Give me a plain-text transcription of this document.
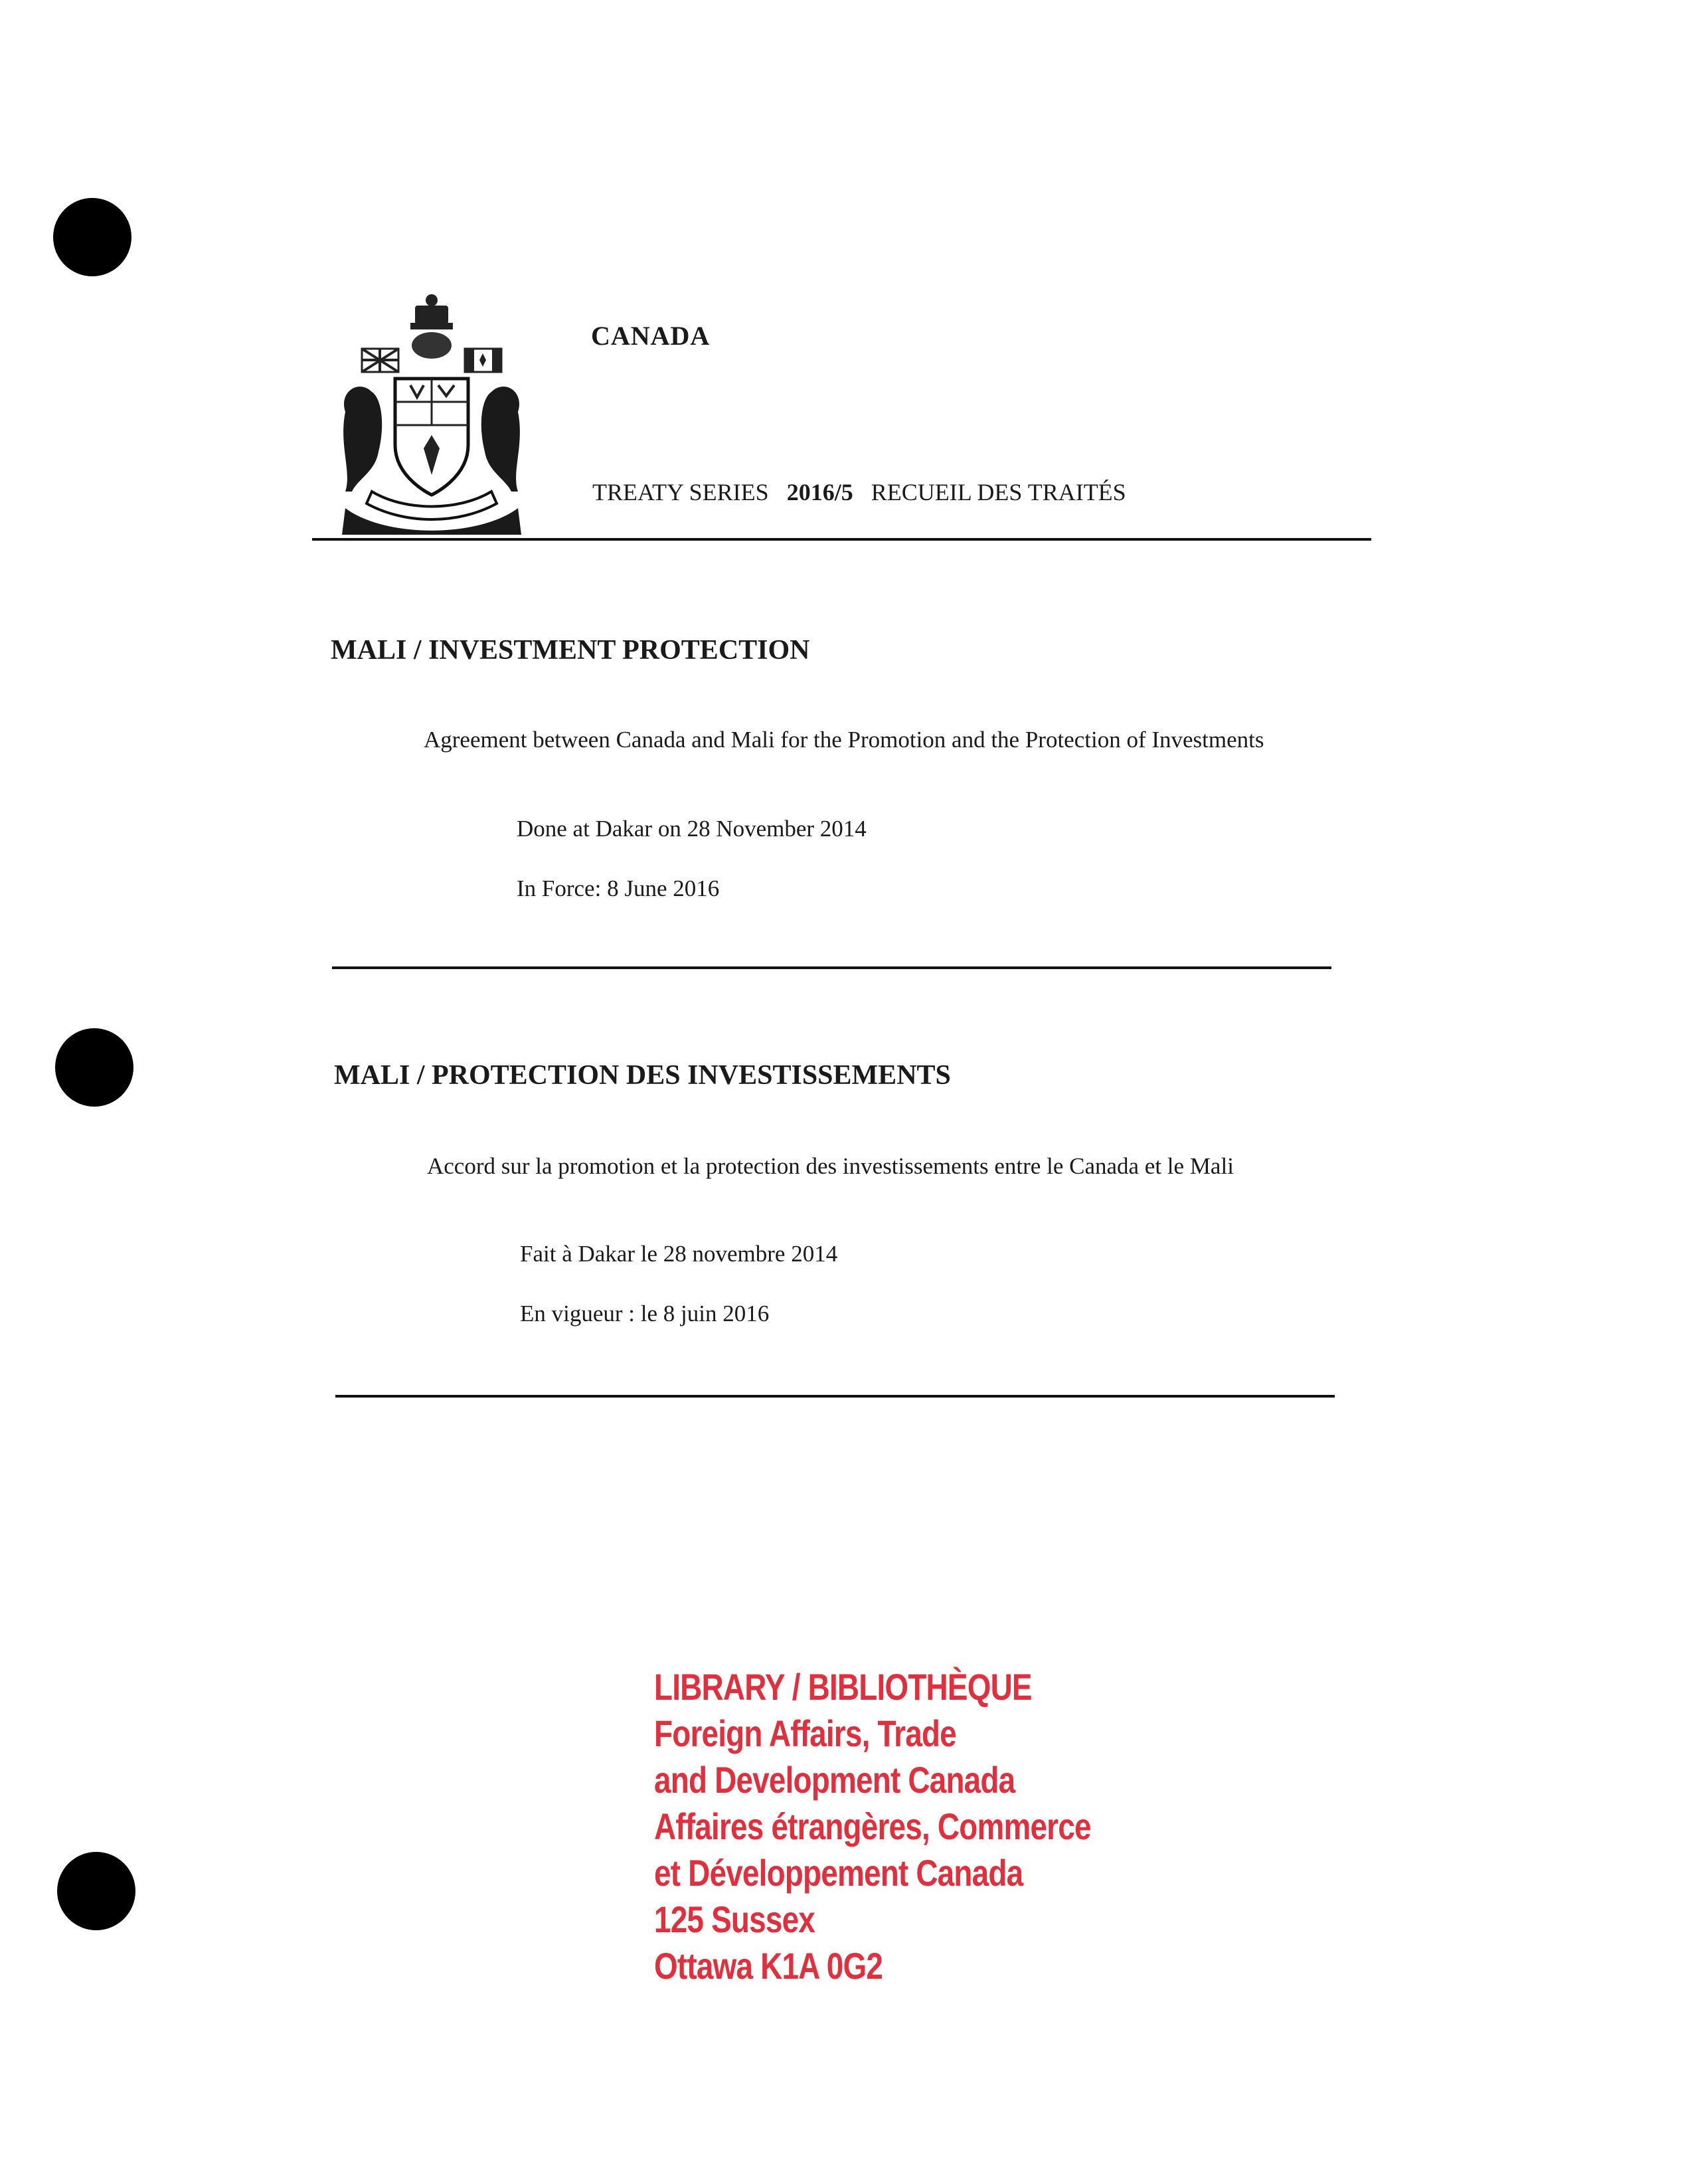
CANADA
TREATY SERIES 2016/5 RECUEIL DES TRAITÉS
MALI / INVESTMENT PROTECTION
Agreement between Canada and Mali for the Promotion and the Protection of Investments
Done at Dakar on 28 November 2014
In Force: 8 June 2016
MALI / PROTECTION DES INVESTISSEMENTS
Accord sur la promotion et la protection des investissements entre le Canada et le Mali
Fait à Dakar le 28 novembre 2014
En vigueur : le 8 juin 2016
LIBRARY / BIBLIOTHÈQUE
Foreign Affairs, Trade
and Development Canada
Affaires étrangères, Commerce
et Développement Canada
125 Sussex
Ottawa K1A 0G2
